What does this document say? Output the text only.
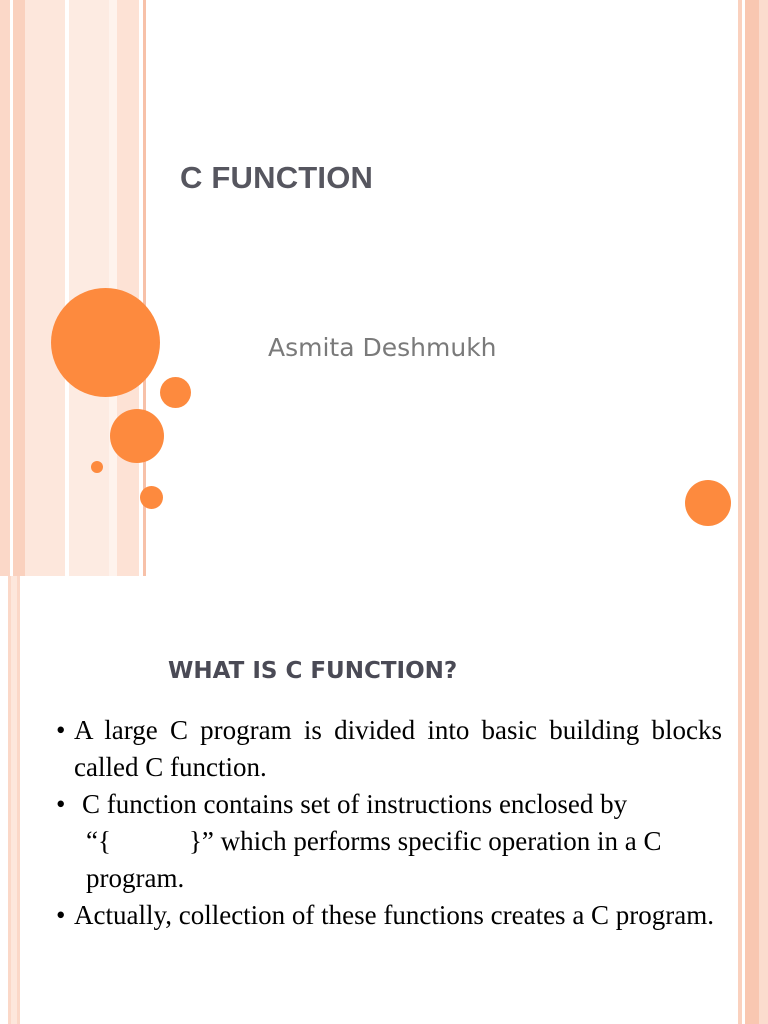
C FUNCTION
Asmita Deshmukh
WHAT IS C FUNCTION?
• A large C program is divided into basic building blocks called C function.
• C function contains set of instructions enclosed by
“{	}” which performs specific operation in a C
program.
• Actually, collection of these functions creates a C program.
